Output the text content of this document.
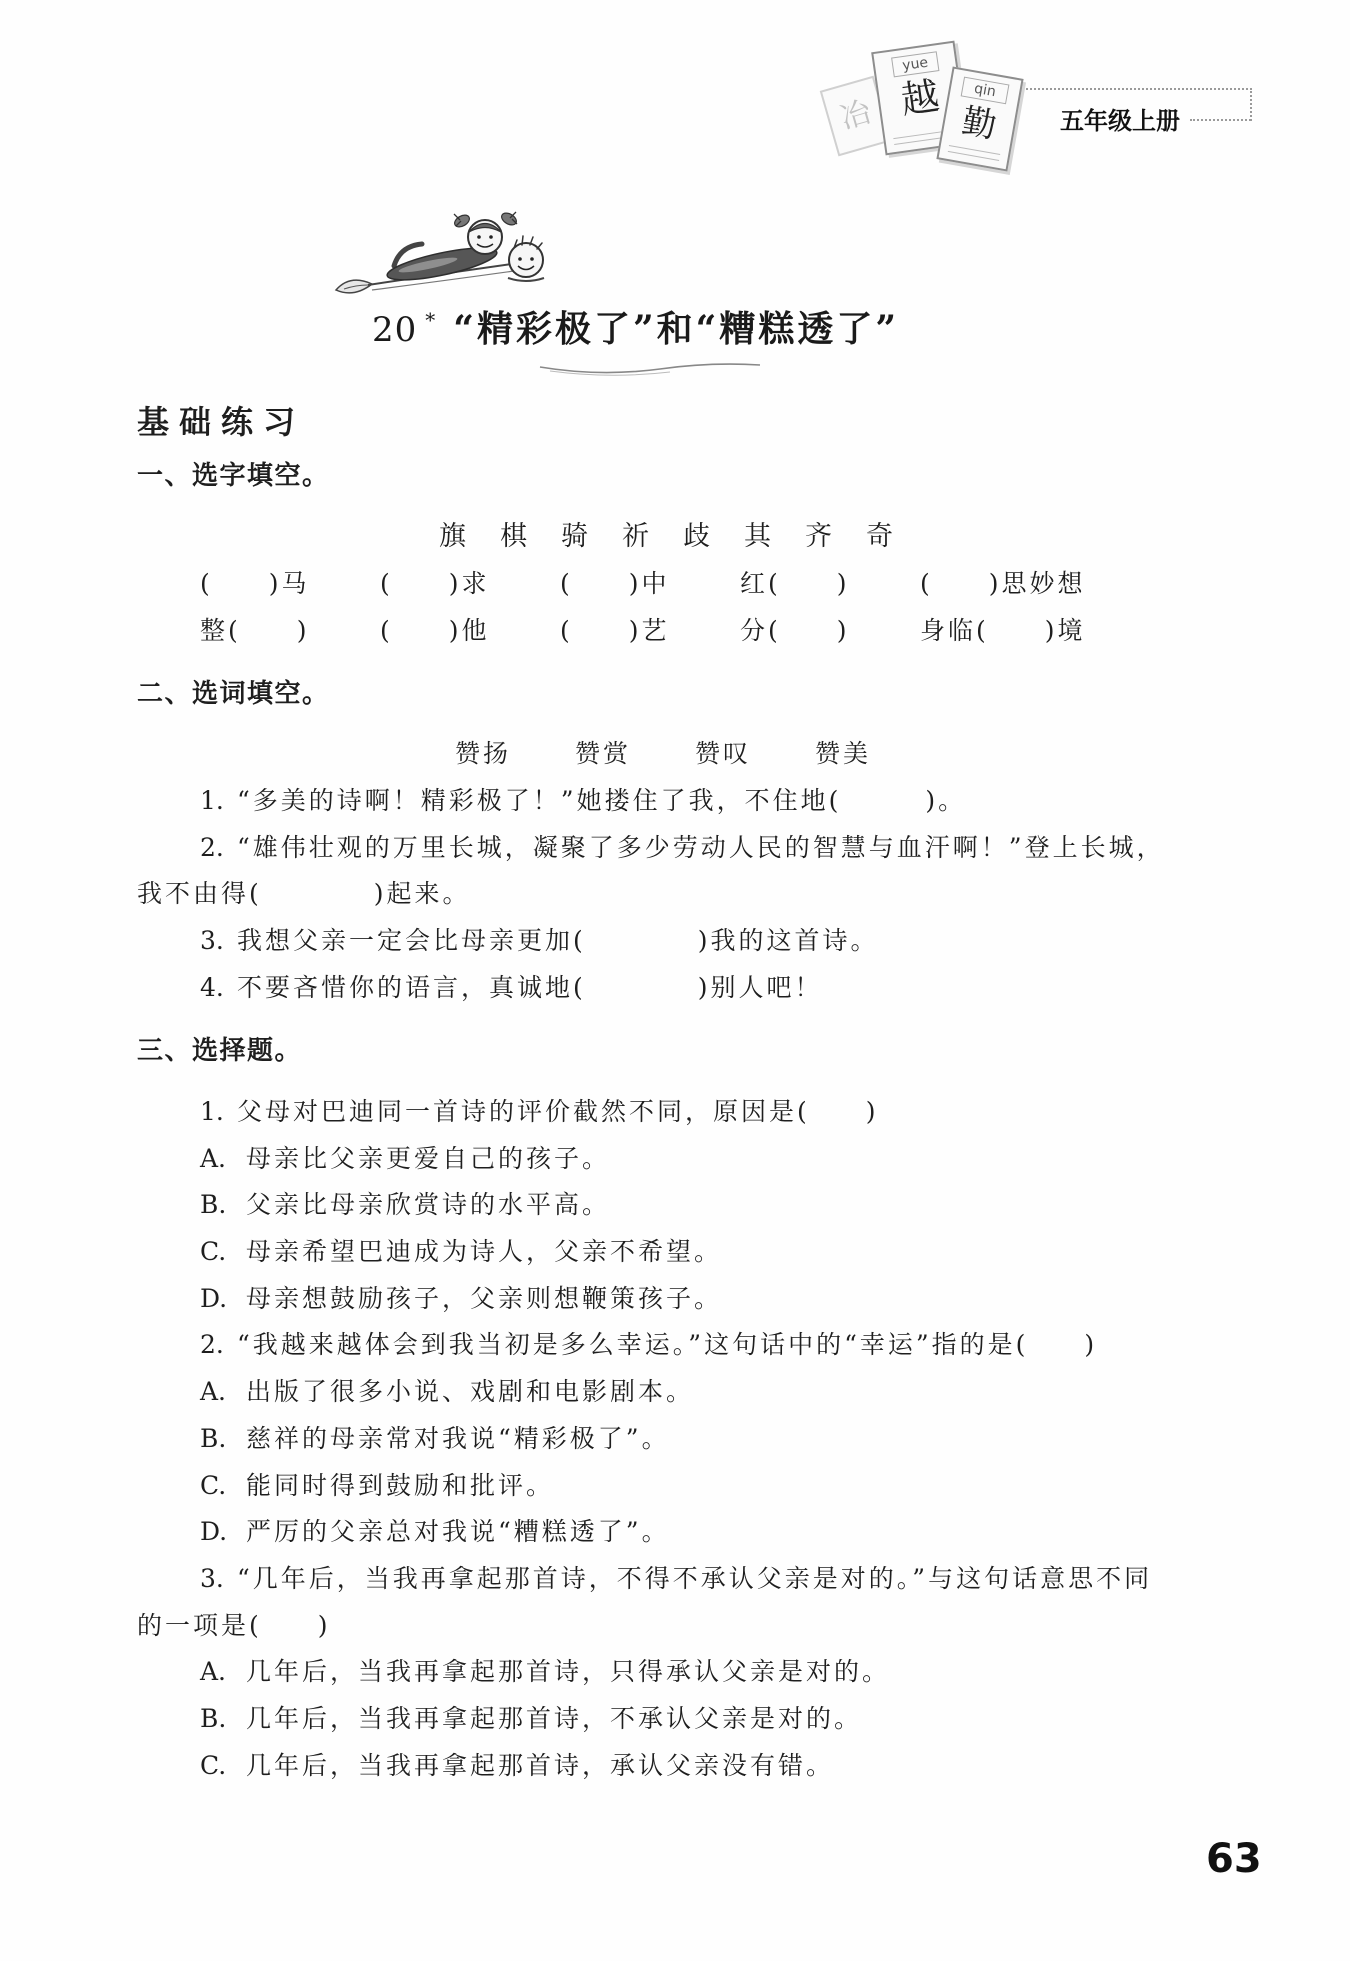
冶
yue
越	qin
勤	五年级上册
20 * “精彩极了”和“糟糕透了”
基础练习
一、选字填空。
旗	棋	骑	祈	歧	其	齐	奇
(　　)马	(　　)求	(　　)中	红(　　)	(　　)思妙想
整(　　)	(　　)他	(　　)艺	分(　　)	身临(　　)境
二、选词填空。
赞扬	赞赏	赞叹	赞美
1. “多美的诗啊！精彩极了！”她搂住了我，不住地(　　　)。
2. “雄伟壮观的万里长城，凝聚了多少劳动人民的智慧与血汗啊！”登上长城，
我不由得(　　　　)起来。
3. 我想父亲一定会比母亲更加(　　　　)我的这首诗。
4. 不要吝惜你的语言，真诚地(　　　　)别人吧！
三、选择题。
1. 父母对巴迪同一首诗的评价截然不同，原因是(　　)
A. 母亲比父亲更爱自己的孩子。
B. 父亲比母亲欣赏诗的水平高。
C. 母亲希望巴迪成为诗人，父亲不希望。
D. 母亲想鼓励孩子，父亲则想鞭策孩子。
2. “我越来越体会到我当初是多么幸运。”这句话中的“幸运”指的是(　　)
A. 出版了很多小说、戏剧和电影剧本。
B. 慈祥的母亲常对我说“精彩极了”。
C. 能同时得到鼓励和批评。
D. 严厉的父亲总对我说“糟糕透了”。
3. “几年后，当我再拿起那首诗，不得不承认父亲是对的。”与这句话意思不同
的一项是(　　)
A. 几年后，当我再拿起那首诗，只得承认父亲是对的。
B. 几年后，当我再拿起那首诗，不承认父亲是对的。
C. 几年后，当我再拿起那首诗，承认父亲没有错。
63
